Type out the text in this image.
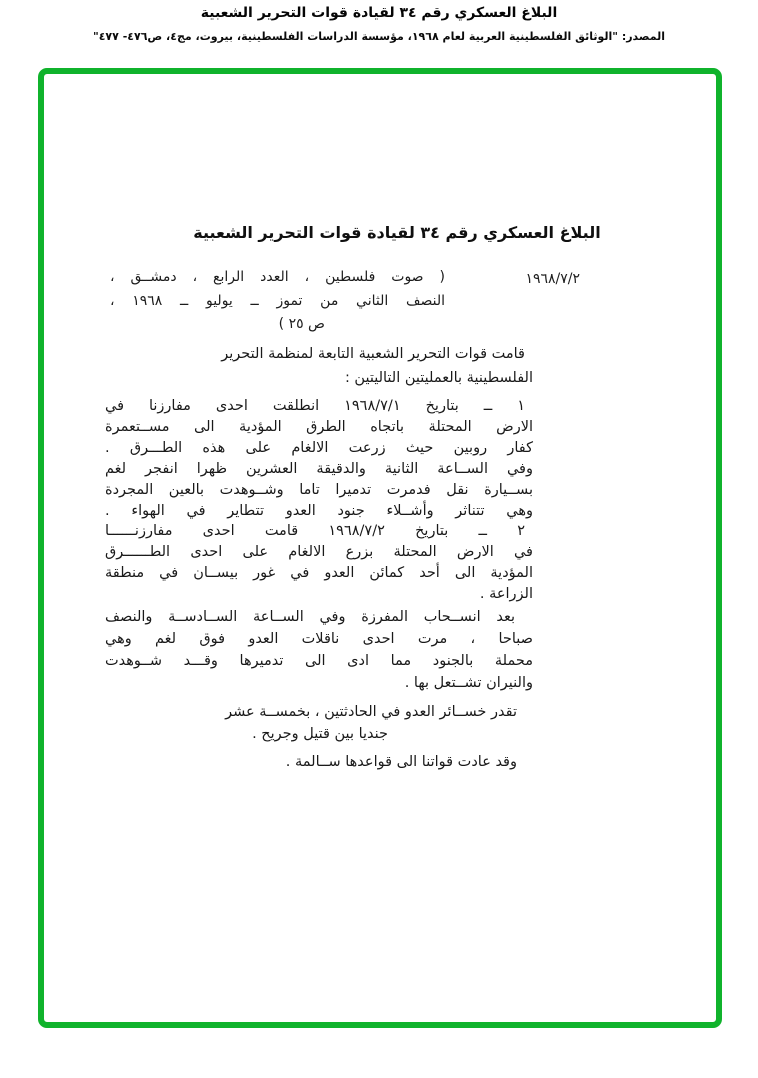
البلاغ العسكري رقم ٣٤ لقيادة قوات التحرير الشعبية
المصدر: "الوثائق الفلسطينية العربية لعام ١٩٦٨، مؤسسة الدراسات الفلسطينية، بيروت، مج٤، ص٤٧٦- ٤٧٧"
البلاغ العسكري رقم ٣٤ لقيادة قوات التحرير الشعبية
١٩٦٨/٧/٢
( صوت فلسطين ، العدد الرابع ، دمشــق ،
النصف الثاني من تموز ــ يوليو ــ ١٩٦٨ ،
ص ٢٥ )
قامت قوات التحرير الشعبية التابعة لمنظمة التحرير
الفلسطينية بالعمليتين التاليتين :
١ ــ بتاريخ ١٩٦٨/٧/١ انطلقت احدى مفارزنا في
الارض المحتلة باتجاه الطرق المؤدية الى مســتعمرة
كفار روبين حيث زرعت الالغام على هذه الطـــرق .
وفي الســاعة الثانية والدقيقة العشرين ظهرا انفجر لغم
بســيارة نقل فدمرت تدميرا تاما وشــوهدت بالعين المجردة
وهي تتناثر وأشــلاء جنود العدو تتطاير في الهواء .
٢ ــ بتاريخ ١٩٦٨/٧/٢ قامت احدى مفارزنــــــا
في الارض المحتلة بزرع الالغام على احدى الطــــــرق
المؤدية الى أحد كمائن العدو في غور بيســان في منطقة
الزراعة .
بعد انســحاب المفرزة وفي الســاعة الســادســة والنصف
صباحا ، مرت احدى ناقلات العدو فوق لغم وهي
محملة بالجنود مما ادى الى تدميرها وقـــد شــوهدت
والنيران تشــتعل بها .
تقدر خســائر العدو في الحادثتين ، بخمســة عشر
جنديا بين قتيل وجريح .
وقد عادت قواتنا الى قواعدها ســالمة .
